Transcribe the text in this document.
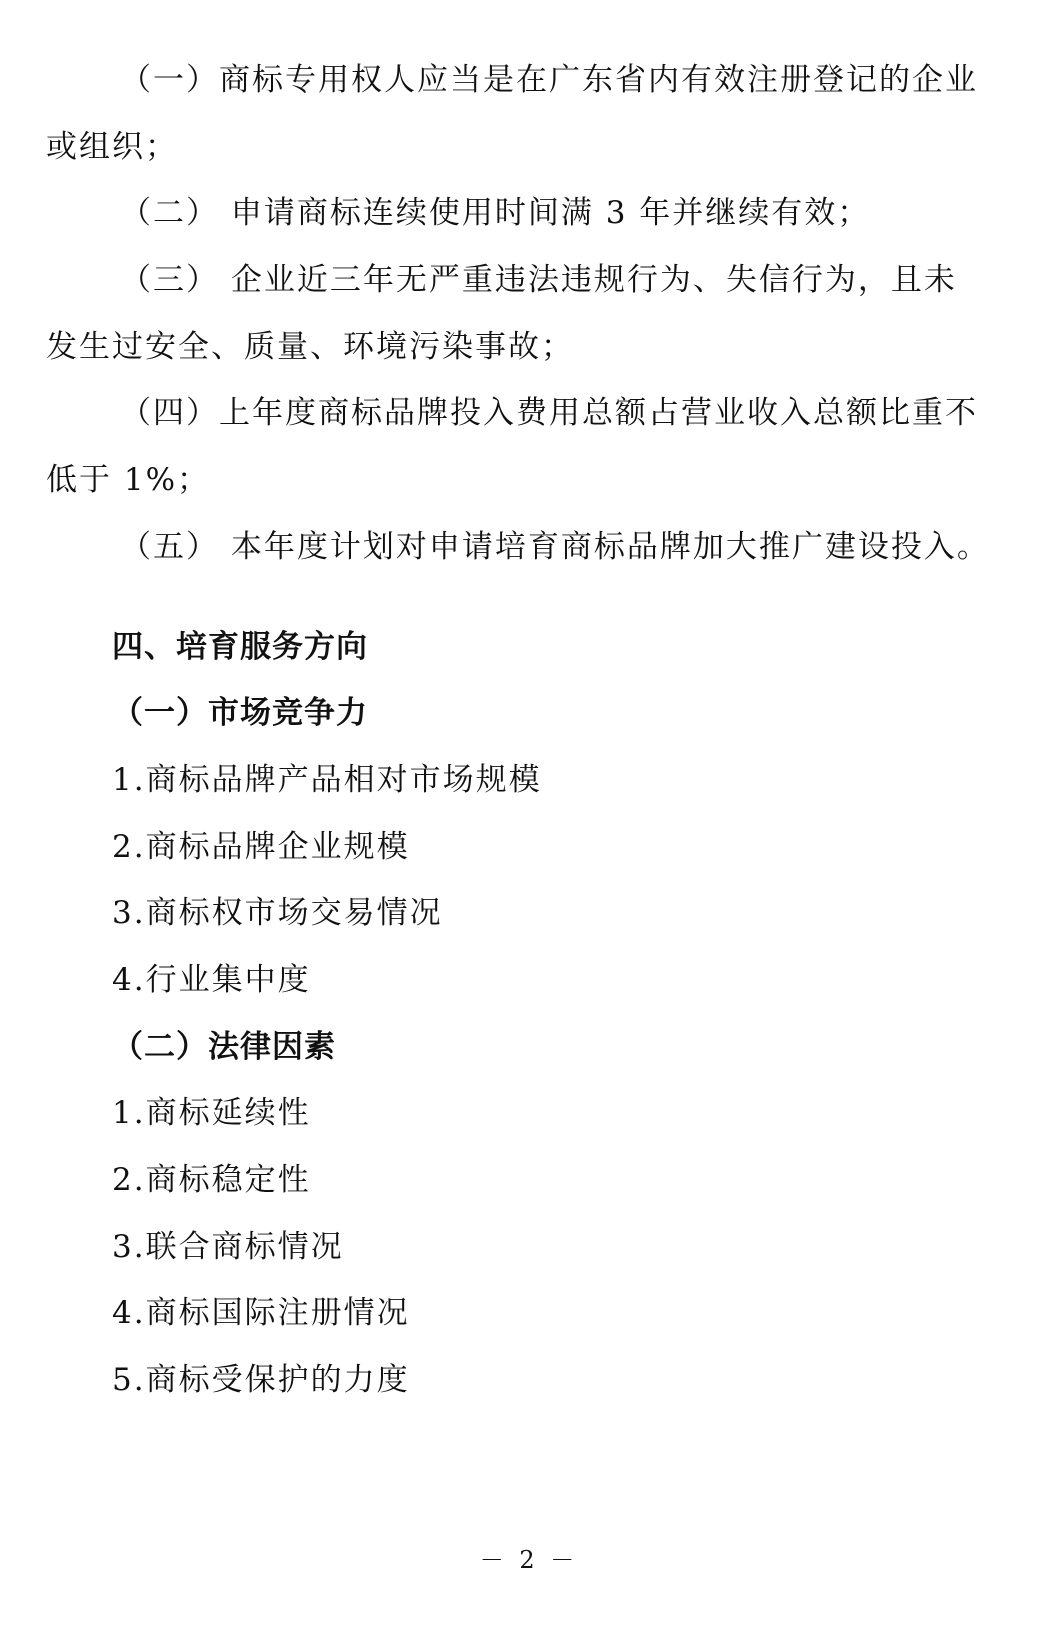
（一）商标专用权人应当是在广东省内有效注册登记的企业
或组织；
（二） 申请商标连续使用时间满 3 年并继续有效；
（三） 企业近三年无严重违法违规行为、失信行为，且未
发生过安全、质量、环境污染事故；
（四）上年度商标品牌投入费用总额占营业收入总额比重不
低于 1%；
（五） 本年度计划对申请培育商标品牌加大推广建设投入。
四、培育服务方向
（一）市场竞争力
1.商标品牌产品相对市场规模
2.商标品牌企业规模
3.商标权市场交易情况
4.行业集中度
（二）法律因素
1.商标延续性
2.商标稳定性
3.联合商标情况
4.商标国际注册情况
5.商标受保护的力度
－ 2 －
